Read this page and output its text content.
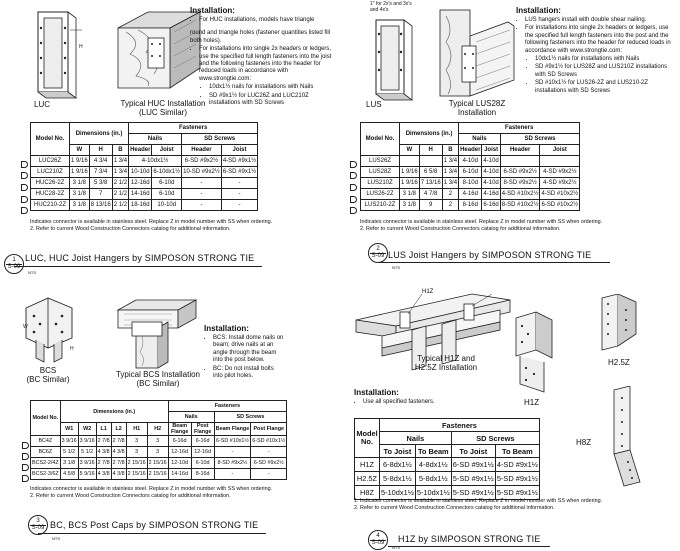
H
LUC	Typical HUC Installation
(LUC Similar)
Installation:
• For HUC installations, models have triangle
round and triangle holes (fastener quantities listed fill both holes).
• For installations into single 2x headers or ledgers, use the specified full length fasteners into the joist and the following fasteners into the header for reduced loads in accordance with www.strongtie.com:
• 10dx1½ nails for installations with Nails
• SD #9x1½ for LUC26Z and LUC210Z installations with SD Screws
Model No.	Dimensions (in.)			Fasteners			
				Nails		SD Screws	
	W	H	B	Header	Joist	Header	Joist
LUC26Z	1 9/16	4 3/4	1 3/4	4-10dx1½		6-SD #9x2½	4-SD #9x1½
LUC210Z	1 9/16	7 3/4	1 3/4	10-10d	6-10dx1½	10-SD #9x2½	6-SD #9x1½
HUC26-2Z	3 1/8	5 3/8	2 1/2	12-16d	6-10d	-	-
HUC28-2Z	3 1/8	7	2 1/2	14-16d	6-10d	-	-
HUC210-2Z	3 1/8	8 13/16	2 1/2	18-16d	10-10d	-	-
Indicates connector is available in stainless steel. Replace Z in model number with SS when ordering.
2. Refer to current Wood Construction Connectors catalog for additional information.
1
S-09
NTS
LUC, HUC Joist Hangers by SIMPOSON STRONG TIE
1" for 2x's and 3x's and 4x's
LUS	Typical LUS28Z
Installation
Installation:
• LUS hangers install with double shear nailing.
• For installations into single 2x headers or ledgers, use the specified full length fasteners into the post and the following fasteners into the header for reduced loads in accordance with www.strongtie.com:
• 10dx1½ nails for installations with Nails
• SD #9x1½ for LUS28Z and LUS210Z installations with SD Screws
• SD #10x1½ for LUS26-2Z and LUS210-2Z installations with SD Screws
Model No.	Dimensions (in.)			Fasteners			
				Nails		SD Screws	
	W	H	B	Header	Joist	Header	Joist
LUS26Z			1 3/4	4-10d	4-10d		
LUS28Z	1 9/16	6 5/8	1 3/4	6-10d	4-10d	6-SD #9x2½	4-SD #9x2½
LUS210Z	1 9/16	7 13/16	1 3/4	8-10d	4-10d	8-SD #9x2½	4-SD #9x2½
LUS26-2Z	3 1/8	4 7/8	2	4-16d	4-16d	4-SD #10x2½	4-SD #10x2½
LUS210-2Z	3 1/8	9	2	8-16d	6-16d	8-SD #10x2½	6-SD #10x2½
Indicates connector is available in stainless steel. Replace Z in model number with SS when ordering.
2. Refer to current Wood Construction Connectors catalog for additional information.
2
S-09
NTS
LUS Joist Hangers by SIMPOSON STRONG TIE
W
H
BCS
(BC Similar)
Typical BCS Installation
(BC Similar)
Installation:
• BCS: Install dome nails on beam; drive nails at an angle through the beam into the post below.
• BC: Do not install bolts into pilot holes.
Model No.	Dimensions (in.)						Fasteners			
							Nails		SD Screws	
	W1	W2	L1	L2	H1	H2	Beam Flange	Post Flange	Beam Flange	Post Flange
BC4Z	3 9/16	3 9/16	2 7/8	2 7/8	3	3	6-16d	6-16d	6-SD #10x1½	6-SD #10x1½
BC6Z	5 1/2	5 1/2	4 3/8	4 3/8	3	3	12-16d	12-16d	-	-
BCS2-2/4Z	3 1/8	3 9/16	2 7/8	2 7/8	2 15/16	2 15/16	12-10d	6-10d	8-SD #9x2½	6-SD #9x2½
BCS2-3/6Z	4 5/8	5 9/16	4 3/8	4 3/8	2 15/16	2 15/16	14-16d	8-16d	-	-
Indicates connector is available in stainless steel. Replace Z in model number with SS when ordering.
2. Refer to current Wood Construction Connectors catalog for additional information.
3
S-09
NTS
BC, BCS Post Caps by SIMPOSON STRONG TIE
H1Z
Typical H1Z and
H2.5Z Installation
H1Z
H2.5Z
H8Z
Installation:
• Use all specified fasteners.
Model No.	Fasteners			
	Nails		SD Screws	
	To Joist	To Beam	To Joist	To Beam
H1Z	6-8dx1½	4-8dx1½	6-SD #9x1½	4-SD #9x1½
H2.5Z	5-8dx1½	5-8dx1½	5-SD #9x1½	5-SD #9x1½
H8Z	5-10dx1½	5-10dx1½	5-SD #9x1½	5-SD #9x1½
1. Indicates connector is available in stainless steel. Replace Z in model number with SS when ordering.
2. Refer to current Wood Construction Connectors catalog for additional information.
4
S-09
NTS
H1Z by SIMPOSON STRONG TIE
